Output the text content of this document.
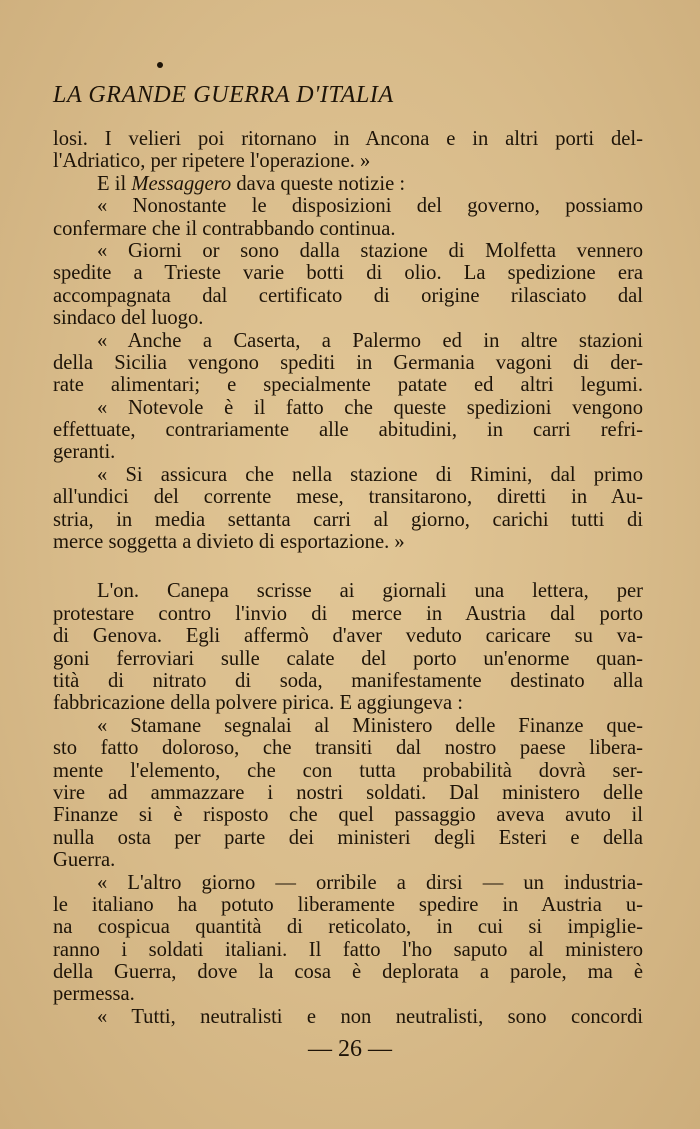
LA GRANDE GUERRA D'ITALIA
losi. I velieri poi ritornano in Ancona e in altri porti del-
l'Adriatico, per ripetere l'operazione. »
E il Messaggero dava queste notizie :
« Nonostante le disposizioni del governo, possiamo
confermare che il contrabbando continua.
« Giorni or sono dalla stazione di Molfetta vennero
spedite a Trieste varie botti di olio. La spedizione era
accompagnata dal certificato di origine rilasciato dal
sindaco del luogo.
« Anche a Caserta, a Palermo ed in altre stazioni
della Sicilia vengono spediti in Germania vagoni di der-
rate alimentari; e specialmente patate ed altri legumi.
« Notevole è il fatto che queste spedizioni vengono
effettuate, contrariamente alle abitudini, in carri refri-
geranti.
« Si assicura che nella stazione di Rimini, dal primo
all'undici del corrente mese, transitarono, diretti in Au-
stria, in media settanta carri al giorno, carichi tutti di
merce soggetta a divieto di esportazione. »
L'on. Canepa scrisse ai giornali una lettera, per
protestare contro l'invio di merce in Austria dal porto
di Genova. Egli affermò d'aver veduto caricare su va-
goni ferroviari sulle calate del porto un'enorme quan-
tità di nitrato di soda, manifestamente destinato alla
fabbricazione della polvere pirica. E aggiungeva :
« Stamane segnalai al Ministero delle Finanze que-
sto fatto doloroso, che transiti dal nostro paese libera-
mente l'elemento, che con tutta probabilità dovrà ser-
vire ad ammazzare i nostri soldati. Dal ministero delle
Finanze si è risposto che quel passaggio aveva avuto il
nulla osta per parte dei ministeri degli Esteri e della
Guerra.
« L'altro giorno — orribile a dirsi — un industria-
le italiano ha potuto liberamente spedire in Austria u-
na cospicua quantità di reticolato, in cui si impiglie-
ranno i soldati italiani. Il fatto l'ho saputo al ministero
della Guerra, dove la cosa è deplorata a parole, ma è
permessa.
« Tutti, neutralisti e non neutralisti, sono concordi
— 26 —
